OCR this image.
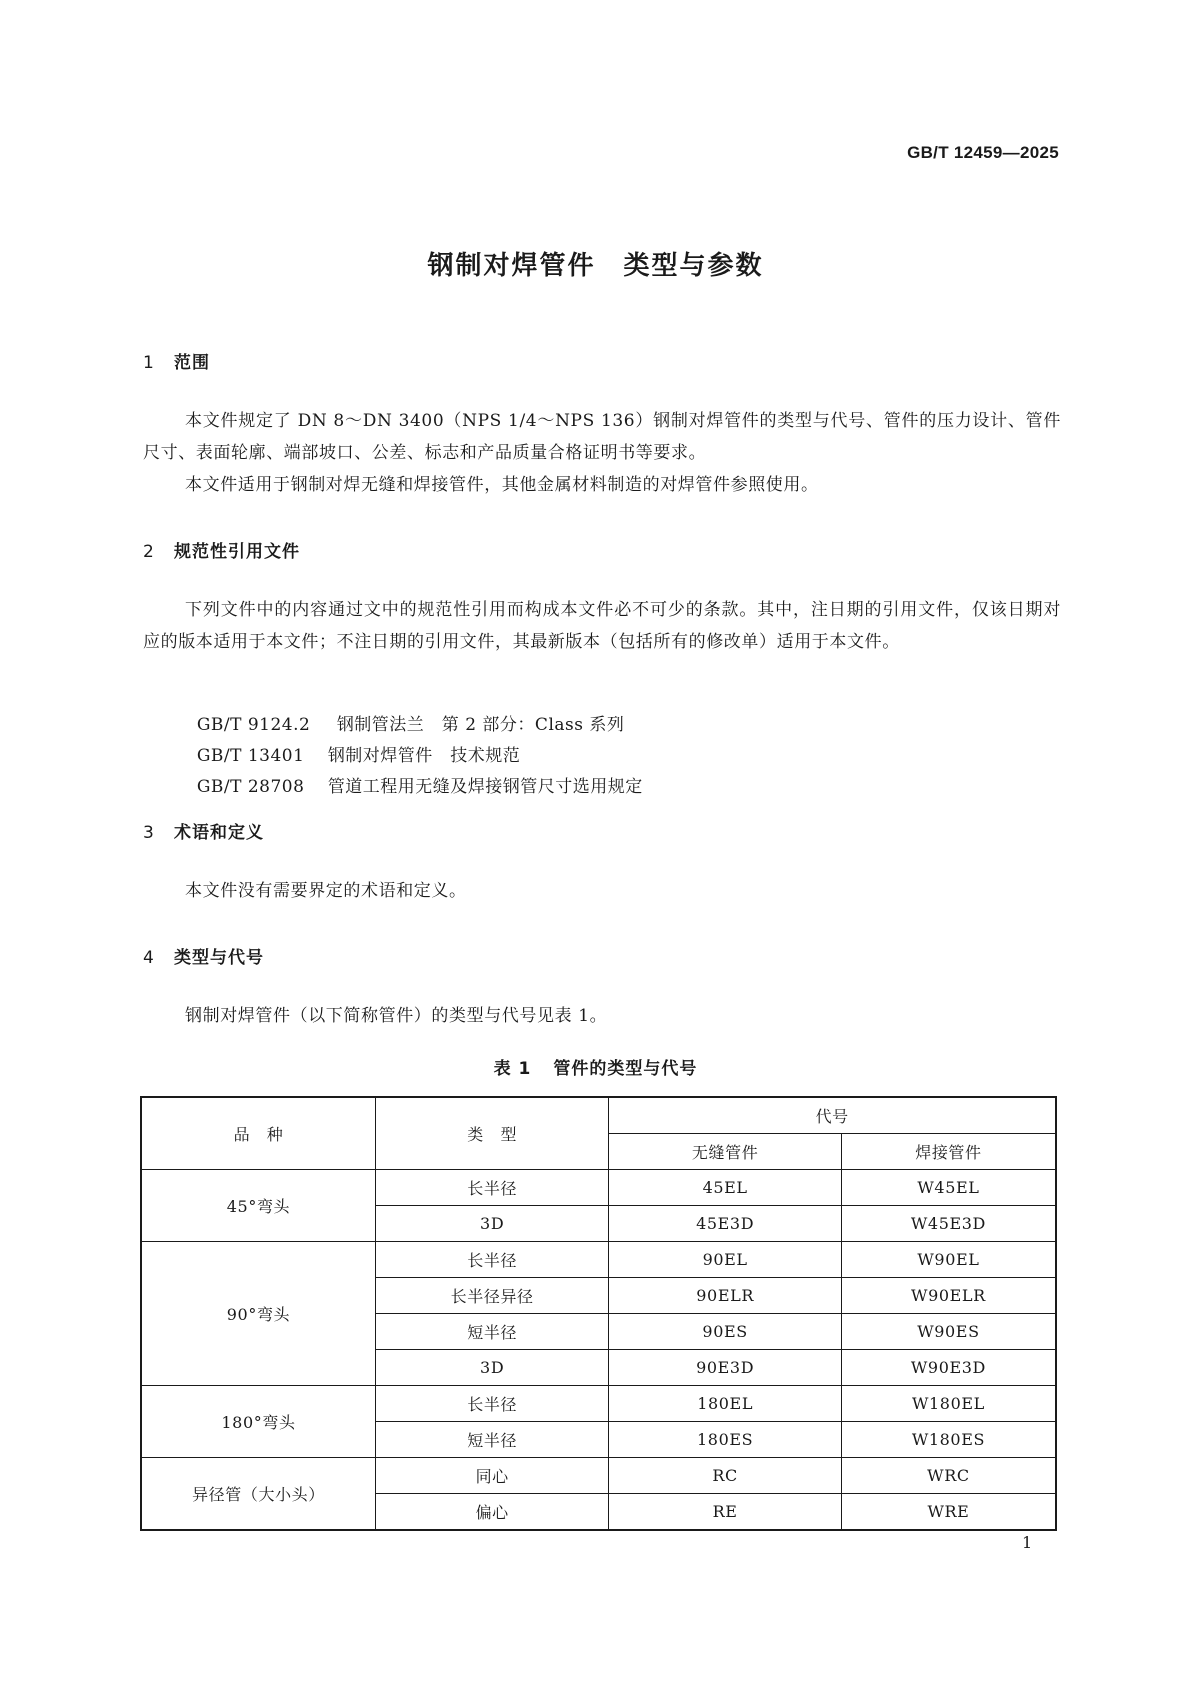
GB/T 12459—2025
钢制对焊管件　类型与参数
1 范围
本文件规定了 DN 8～DN 3400（NPS 1/4～NPS 136）钢制对焊管件的类型与代号、管件的压力设计、管件尺寸、表面轮廓、端部坡口、公差、标志和产品质量合格证明书等要求。
本文件适用于钢制对焊无缝和焊接管件，其他金属材料制造的对焊管件参照使用。
2 规范性引用文件
下列文件中的内容通过文中的规范性引用而构成本文件必不可少的条款。其中，注日期的引用文件，仅该日期对应的版本适用于本文件；不注日期的引用文件，其最新版本（包括所有的修改单）适用于本文件。

GB/T 9124.2 钢制管法兰　第 2 部分：Class 系列

GB/T 13401 钢制对焊管件　技术规范

GB/T 28708 管道工程用无缝及焊接钢管尺寸选用规定

3 术语和定义
本文件没有需要界定的术语和定义。
4 类型与代号
钢制对焊管件（以下简称管件）的类型与代号见表 1。
表 1 管件的类型与代号
品　种	类　型	代号	
		无缝管件	焊接管件
45°弯头	长半径	45EL	W45EL
	3D	45E3D	W45E3D
90°弯头	长半径	90EL	W90EL
	长半径异径	90ELR	W90ELR
	短半径	90ES	W90ES
	3D	90E3D	W90E3D
180°弯头	长半径	180EL	W180EL
	短半径	180ES	W180ES
异径管（大小头）	同心	RC	WRC
	偏心	RE	WRE
1
